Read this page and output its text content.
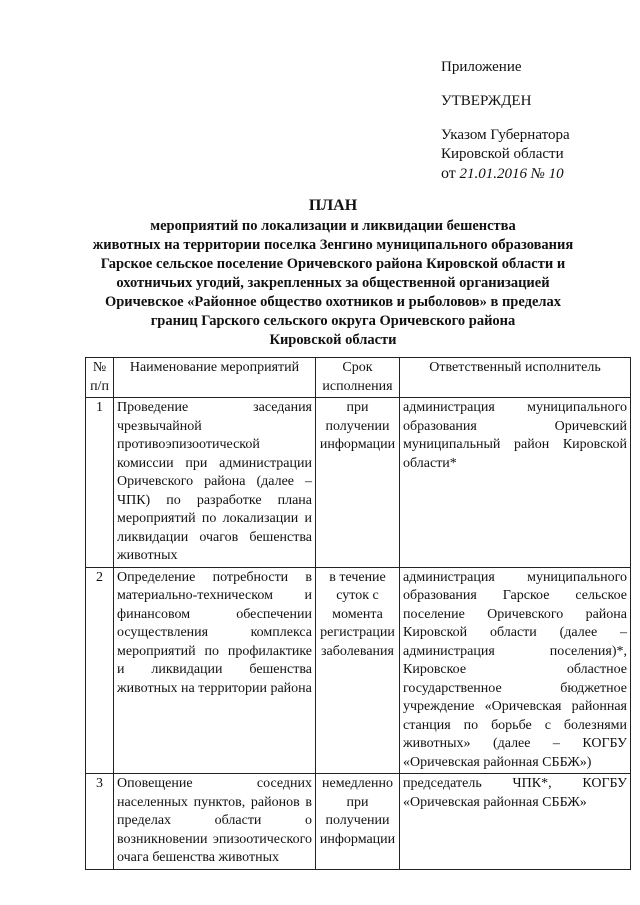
Приложение
УТВЕРЖДЕН
Указом Губернатора
Кировской области
от 21.01.2016 № 10
ПЛАН
мероприятий по локализации и ликвидации бешенства
животных на территории поселка Зенгино муниципального образования
Гарское сельское поселение Оричевского района Кировской области и
охотничьих угодий, закрепленных за общественной организацией
Оричевское «Районное общество охотников и рыболовов» в пределах
границ Гарского сельского округа Оричевского района
Кировской области
№ п/п	Наименование мероприятий	Срок исполнения	Ответственный исполнитель
1	Проведение заседания чрезвычайной противоэпизоотической комиссии при администрации Оричевского района (далее – ЧПК) по разработке плана мероприятий по локализации и ликвидации очагов бешенства животных	при получении информации	администрация муниципального образования Оричевский муниципальный район Кировской области*
2	Определение потребности в материально-техническом и финансовом обеспечении осуществления комплекса мероприятий по профилактике и ликвидации бешенства животных на территории района	в течение суток с момента регистрации заболевания	администрация муниципального образования Гарское сельское поселение Оричевского района Кировской области (далее – администрация поселения)*, Кировское областное государственное бюджетное учреждение «Оричевская районная станция по борьбе с болезнями животных» (далее – КОГБУ «Оричевская районная СББЖ»)
3	Оповещение соседних населенных пунктов, районов в пределах области о возникновении эпизоотического очага бешенства животных	немедленно при получении информации	председатель ЧПК*, КОГБУ «Оричевская районная СББЖ»
